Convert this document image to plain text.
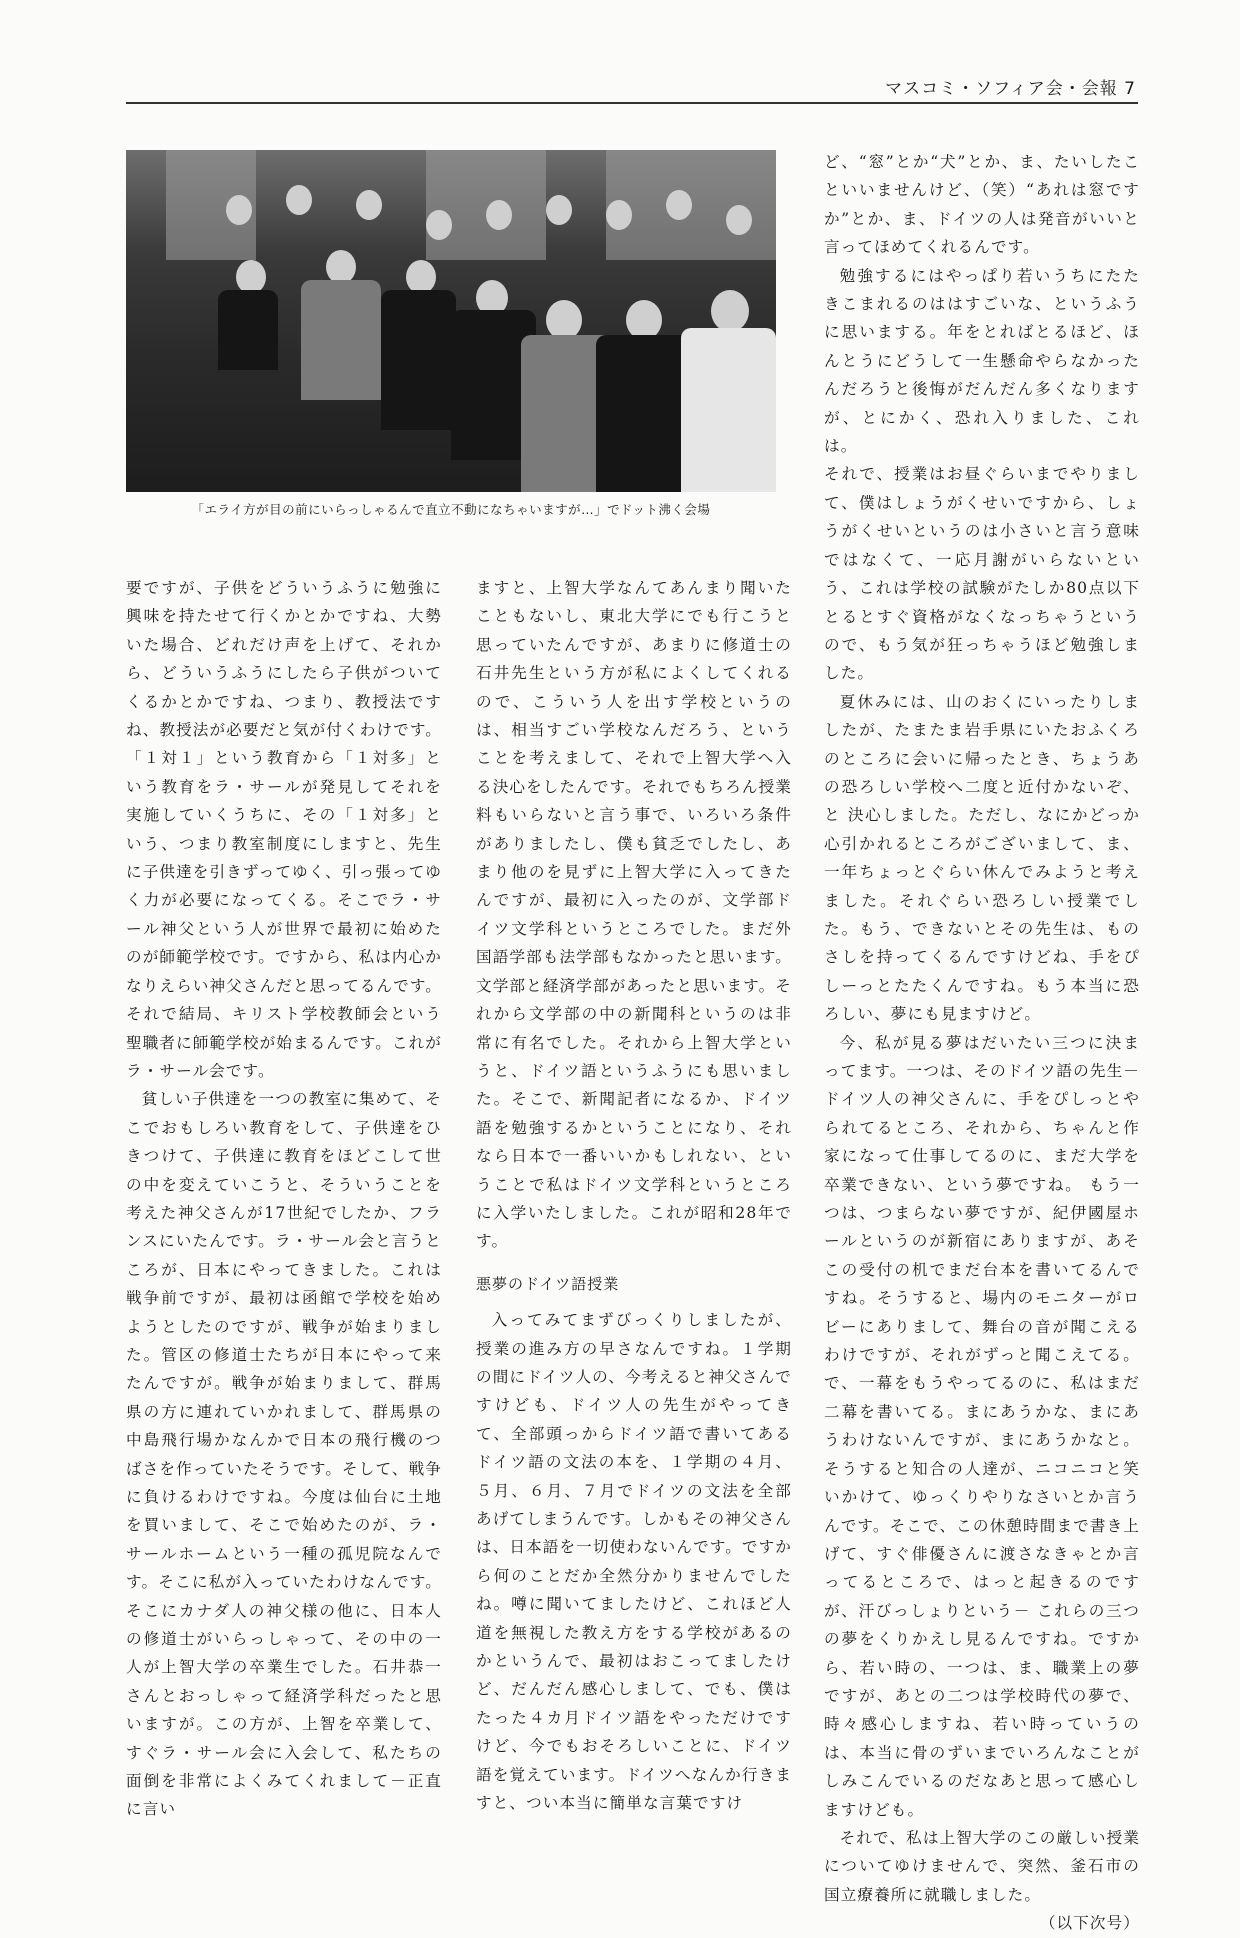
マスコミ・ソフィア会・会報 7
「エライ方が目の前にいらっしゃるんで直立不動になちゃいますが…」でドット沸く会場

要ですが、子供をどういうふうに勉強に興味を持たせて行くかとかですね、大勢いた場合、どれだけ声を上げて、それから、どういうふうにしたら子供がついてくるかとかですね、つまり、教授法ですね、教授法が必要だと気が付くわけです。「１対１」という教育から「１対多」という教育をラ・サールが発見してそれを実施していくうちに、その「１対多」という、つまり教室制度にしますと、先生に子供達を引きずってゆく、引っ張ってゆく力が必要になってくる。そこでラ・サール神父という人が世界で最初に始めたのが師範学校です。ですから、私は内心かなりえらい神父さんだと思ってるんです。それで結局、キリスト学校教師会という聖職者に師範学校が始まるんです。これがラ・サール会です。

貧しい子供達を一つの教室に集めて、そこでおもしろい教育をして、子供達をひきつけて、子供達に教育をほどこして世の中を変えていこうと、そういうことを考えた神父さんが17世紀でしたか、フランスにいたんです。ラ・サール会と言うところが、日本にやってきました。これは戦争前ですが、最初は函館で学校を始めようとしたのですが、戦争が始まりました。管区の修道士たちが日本にやって来たんですが。戦争が始まりまして、群馬県の方に連れていかれまして、群馬県の中島飛行場かなんかで日本の飛行機のつばさを作っていたそうです。そして、戦争に負けるわけですね。今度は仙台に土地を買いまして、そこで始めたのが、ラ・サールホームという一種の孤児院なんです。そこに私が入っていたわけなんです。そこにカナダ人の神父様の他に、日本人の修道士がいらっしゃって、その中の一人が上智大学の卒業生でした。石井恭一さんとおっしゃって経済学科だったと思いますが。この方が、上智を卒業して、すぐラ・サール会に入会して、私たちの面倒を非常によくみてくれまして－正直に言い

ますと、上智大学なんてあんまり聞いたこともないし、東北大学にでも行こうと思っていたんですが、あまりに修道士の石井先生という方が私によくしてくれるので、こういう人を出す学校というのは、相当すごい学校なんだろう、ということを考えまして、それで上智大学へ入る決心をしたんです。それでもちろん授業料もいらないと言う事で、いろいろ条件がありましたし、僕も貧乏でしたし、あまり他のを見ずに上智大学に入ってきたんですが、最初に入ったのが、文学部ドイツ文学科というところでした。まだ外国語学部も法学部もなかったと思います。文学部と経済学部があったと思います。それから文学部の中の新聞科というのは非常に有名でした。それから上智大学というと、ドイツ語というふうにも思いました。そこで、新聞記者になるか、ドイツ語を勉強するかということになり、それなら日本で一番いいかもしれない、ということで私はドイツ文学科というところに入学いたしました。これが昭和28年です。

悪夢のドイツ語授業

入ってみてまずびっくりしましたが、授業の進み方の早さなんですね。１学期の間にドイツ人の、今考えると神父さんですけども、ドイツ人の先生がやってきて、全部頭っからドイツ語で書いてあるドイツ語の文法の本を、１学期の４月、５月、６月、７月でドイツの文法を全部あげてしまうんです。しかもその神父さんは、日本語を一切使わないんです。ですから何のことだか全然分かりませんでしたね。噂に聞いてましたけど、これほど人道を無視した教え方をする学校があるのかというんで、最初はおこってましたけど、だんだん感心しまして、でも、僕はたった４カ月ドイツ語をやっただけですけど、今でもおそろしいことに、ドイツ語を覚えています。ドイツへなんか行きますと、つい本当に簡単な言葉ですけ

ど、“窓”とか“犬”とか、ま、たいしたこといいませんけど、（笑）“あれは窓ですか”とか、ま、ドイツの人は発音がいいと言ってほめてくれるんです。

勉強するにはやっぱり若いうちにたたきこまれるのははすごいな、というふうに思いまする。年をとればとるほど、ほんとうにどうして一生懸命やらなかったんだろうと後悔がだんだん多くなりますが、とにかく、恐れ入りました、これは。

それで、授業はお昼ぐらいまでやりまして、僕はしょうがくせいですから、しょうがくせいというのは小さいと言う意味ではなくて、一応月謝がいらないという、これは学校の試験がたしか80点以下とるとすぐ資格がなくなっちゃうというので、もう気が狂っちゃうほど勉強しました。

夏休みには、山のおくにいったりしましたが、たまたま岩手県にいたおふくろのところに会いに帰ったとき、ちょうあの恐ろしい学校へ二度と近付かないぞ、と 決心しました。ただし、なにかどっか心引かれるところがございまして、ま、一年ちょっとぐらい休んでみようと考えました。それぐらい恐ろしい授業でした。もう、できないとその先生は、ものさしを持ってくるんですけどね、手をぴしーっとたたくんですね。もう本当に恐ろしい、夢にも見ますけど。

今、私が見る夢はだいたい三つに決まってます。一つは、そのドイツ語の先生－ドイツ人の神父さんに、手をぴしっとやられてるところ、それから、ちゃんと作家になって仕事してるのに、まだ大学を卒業できない、という夢ですね。 もう一つは、つまらない夢ですが、紀伊國屋ホールというのが新宿にありますが、あそこの受付の机でまだ台本を書いてるんですね。そうすると、場内のモニターがロビーにありまして、舞台の音が聞こえるわけですが、それがずっと聞こえてる。で、一幕をもうやってるのに、私はまだ二幕を書いてる。まにあうかな、まにあうわけないんですが、まにあうかなと。そうすると知合の人達が、ニコニコと笑いかけて、ゆっくりやりなさいとか言うんです。そこで、この休憩時間まで書き上げて、すぐ俳優さんに渡さなきゃとか言ってるところで、はっと起きるのですが、汗びっしょりという－ これらの三つの夢をくりかえし見るんですね。ですから、若い時の、一つは、ま、職業上の夢ですが、あとの二つは学校時代の夢で、時々感心しますね、若い時っていうのは、本当に骨のずいまでいろんなことがしみこんでいるのだなあと思って感心しますけども。

それで、私は上智大学のこの厳しい授業についてゆけませんで、突然、釜石市の国立療養所に就職しました。

（以下次号）
